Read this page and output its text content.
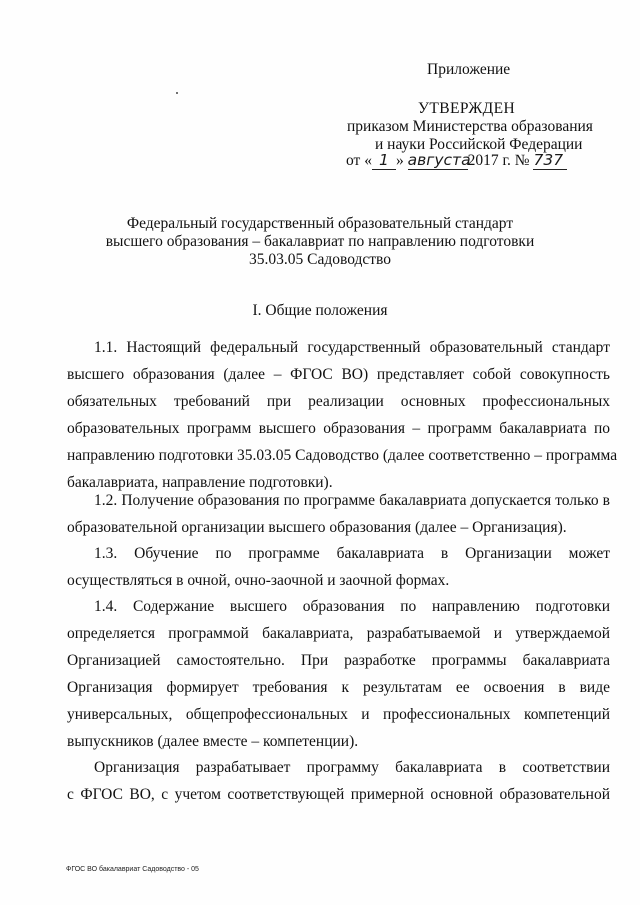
Приложение
УТВЕРЖДЕН
приказом Министерства образования
и науки Российской Федерации
от « 1 » августа2017 г. № 737
Федеральный государственный образовательный стандарт
высшего образования – бакалавриат по направлению подготовки
35.03.05 Садоводство
I. Общие положения
1.1. Настоящий федеральный государственный образовательный стандарт
высшего образования (далее – ФГОС ВО) представляет собой совокупность
обязательных требований при реализации основных профессиональных
образовательных программ высшего образования – программ бакалавриата по
направлению подготовки 35.03.05 Садоводство (далее соответственно – программа
бакалавриата, направление подготовки).
1.2. Получение образования по программе бакалавриата допускается только в
образовательной организации высшего образования (далее – Организация).
1.3. Обучение по программе бакалавриата в Организации может
осуществляться в очной, очно-заочной и заочной формах.
1.4. Содержание высшего образования по направлению подготовки
определяется программой бакалавриата, разрабатываемой и утверждаемой
Организацией самостоятельно. При разработке программы бакалавриата
Организация формирует требования к результатам ее освоения в виде
универсальных, общепрофессиональных и профессиональных компетенций
выпускников (далее вместе – компетенции).
Организация разрабатывает программу бакалавриата в соответствии
с ФГОС ВО, с учетом соответствующей примерной основной образовательной
ФГОС ВО бакалавриат Садоводство - 05
